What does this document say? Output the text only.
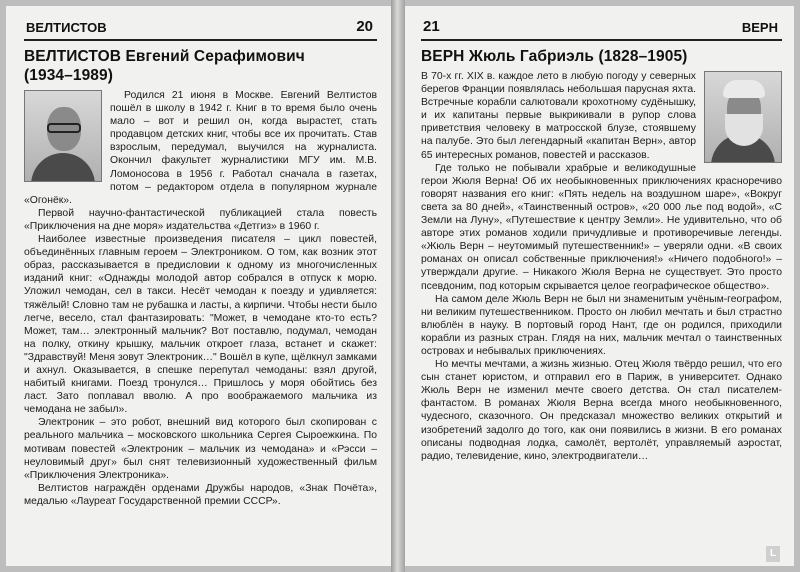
ВЕЛТИСТОВ	20
ВЕЛТИСТОВ Евгений Серафимович
(1934–1989)

Родился 21 июня в Москве. Евгений Велтистов пошёл в школу в 1942 г. Книг в то время было очень мало – вот и решил он, когда вырастет, стать продавцом детских книг, чтобы все их прочитать. Став взрослым, передумал, выучился на журналиста. Окончил факультет журналистики МГУ им. М.В. Ломоносова в 1956 г. Работал сначала в газетах, потом – редактором отдела в популярном журнале «Огонёк».

Первой научно-фантастической публикацией стала повесть «Приключения на дне моря» издательства «Детгиз» в 1960 г.

Наиболее известные произведения писателя – цикл повестей, объединённых главным героем – Электроником. О том, как возник этот образ, рассказывается в предисловии к одному из многочисленных изданий книг: «Однажды молодой автор собрался в отпуск к морю. Уложил чемодан, сел в такси. Несёт чемодан к поезду и удивляется: тяжёлый! Словно там не рубашка и ласты, а кирпичи. Чтобы нести было легче, весело, стал фантазировать: "Может, в чемодане кто-то есть? Может, там… электронный мальчик? Вот поставлю, подумал, чемодан на полку, откину крышку, мальчик откроет глаза, встанет и скажет: "Здравствуй! Меня зовут Электроник…" Вошёл в купе, щёлкнул замками и ахнул. Оказывается, в спешке перепутал чемоданы: взял другой, набитый книгами. Поезд тронулся… Пришлось у моря обойтись без ласт. Зато поплавал вволю. А про воображаемого мальчика из чемодана не забыл».

Электроник – это робот, внешний вид которого был скопирован с реального мальчика – московского школьника Сергея Сыроежкина. По мотивам повестей «Электроник – мальчик из чемодана» и «Рэсси – неуловимый друг» был снят телевизионный художественный фильм «Приключения Электроника».

Велтистов награждён орденами Дружбы народов, «Знак Почёта», медалью «Лауреат Государственной премии СССР».

21	ВЕРН
ВЕРН Жюль Габриэль (1828–1905)

В 70-х гг. XIX в. каждое лето в любую погоду у северных берегов Франции появлялась небольшая парусная яхта. Встречные корабли салютовали крохотному судёнышку, и их капитаны первые выкрикивали в рупор слова приветствия человеку в матросской блузе, стоявшему на палубе. Это был легендарный «капитан Верн», автор 65 интересных романов, повестей и рассказов.

Где только не побывали храбрые и великодушные герои Жюля Верна! Об их необыкновенных приключениях красноречиво говорят названия его книг: «Пять недель на воздушном шаре», «Вокруг света за 80 дней», «Таинственный остров», «20 000 лье под водой», «С Земли на Луну», «Путешествие к центру Земли». Не удивительно, что об авторе этих романов ходили причудливые и противоречивые легенды. «Жюль Верн – неутомимый путешественник!» – уверяли одни. «В своих романах он описал собственные приключения!» «Ничего подобного!» – утверждали другие. – Никакого Жюля Верна не существует. Это просто псевдоним, под которым скрывается целое географическое общество».

На самом деле Жюль Верн не был ни знаменитым учёным-географом, ни великим путешественником. Просто он любил мечтать и был страстно влюблён в науку. В портовый город Нант, где он родился, приходили корабли из разных стран. Глядя на них, мальчик мечтал о таинственных островах и небывалых приключениях.

Но мечты мечтами, а жизнь жизнью. Отец Жюля твёрдо решил, что его сын станет юристом, и отправил его в Париж, в университет. Однако Жюль Верн не изменил мечте своего детства. Он стал писателем-фантастом. В романах Жюля Верна всегда много необыкновенного, чудесного, сказочного. Он предсказал множество великих открытий и изобретений задолго до того, как они появились в жизни. В его романах описаны подводная лодка, самолёт, вертолёт, управляемый аэростат, радио, телевидение, кино, электродвигатели…

L
